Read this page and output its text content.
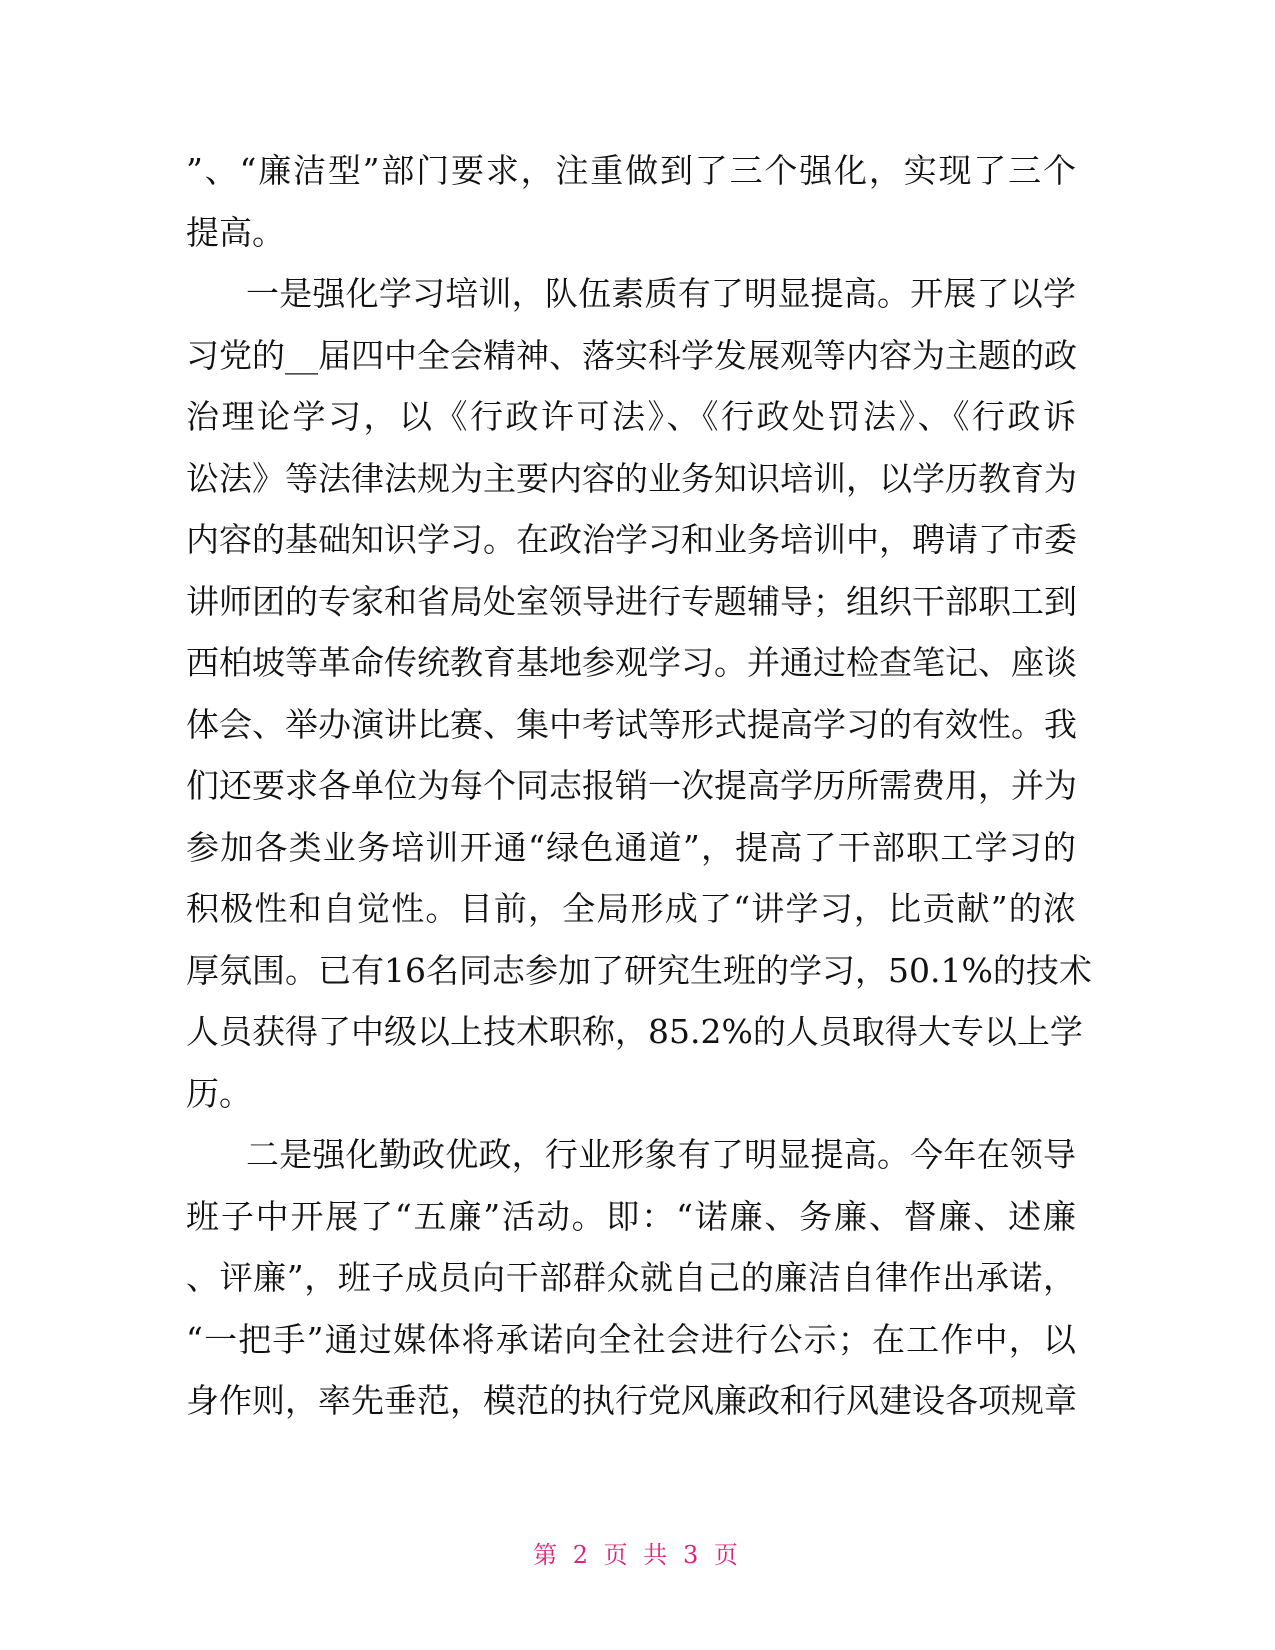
”、“廉洁型”部门要求，注重做到了三个强化，实现了三个
提高。
一是强化学习培训，队伍素质有了明显提高。开展了以学
习党的__届四中全会精神、落实科学发展观等内容为主题的政
治理论学习，以《行政许可法》、《行政处罚法》、《行政诉
讼法》等法律法规为主要内容的业务知识培训，以学历教育为
内容的基础知识学习。在政治学习和业务培训中，聘请了市委
讲师团的专家和省局处室领导进行专题辅导；组织干部职工到
西柏坡等革命传统教育基地参观学习。并通过检查笔记、座谈
体会、举办演讲比赛、集中考试等形式提高学习的有效性。我
们还要求各单位为每个同志报销一次提高学历所需费用，并为
参加各类业务培训开通“绿色通道”，提高了干部职工学习的
积极性和自觉性。目前，全局形成了“讲学习，比贡献”的浓
厚氛围。已有16名同志参加了研究生班的学习，50.1%的技术
人员获得了中级以上技术职称，85.2%的人员取得大专以上学
历。
二是强化勤政优政，行业形象有了明显提高。今年在领导
班子中开展了“五廉”活动。即：“诺廉、务廉、督廉、述廉
、评廉”，班子成员向干部群众就自己的廉洁自律作出承诺，
“一把手”通过媒体将承诺向全社会进行公示；在工作中，以
身作则，率先垂范，模范的执行党风廉政和行风建设各项规章
第 2 页 共 3 页
